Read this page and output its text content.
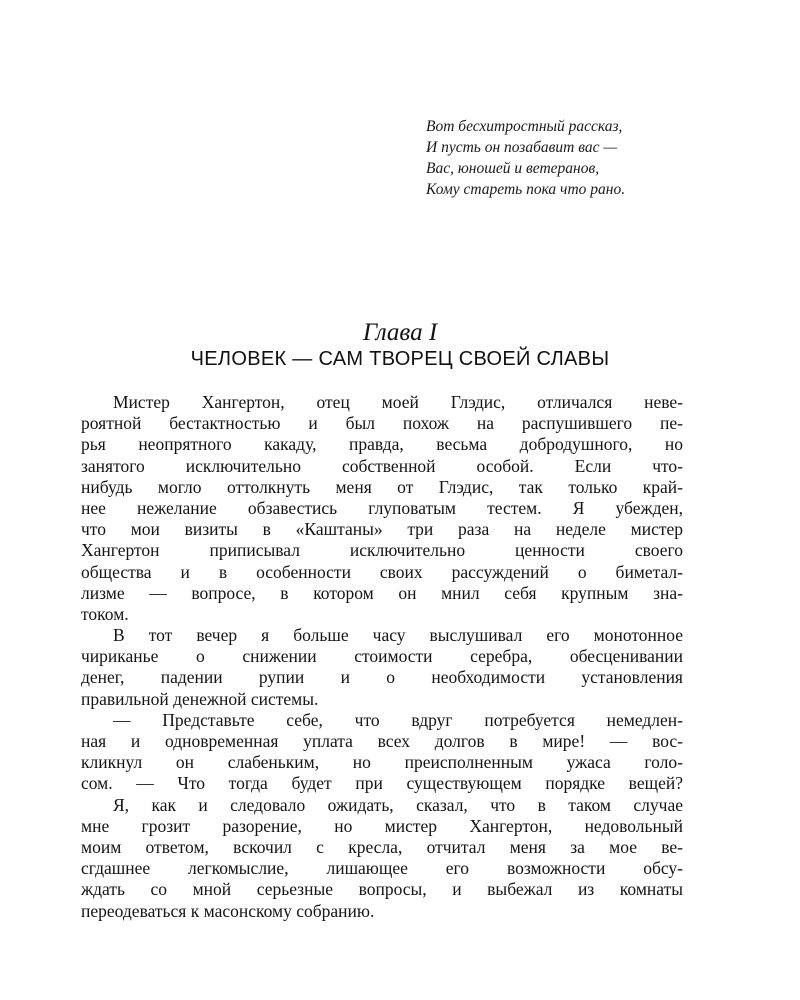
Вот бесхитростный рассказ,
И пусть он позабавит вас —
Вас, юношей и ветеранов,
Кому стареть пока что рано.
Глава I
ЧЕЛОВЕК — САМ ТВОРЕЦ СВОЕЙ СЛАВЫ
Мистер Хангертон, отец моей Глэдис, отличался неве-
роятной бестактностью и был похож на распушившего пе-
рья неопрятного какаду, правда, весьма добродушного, но
занятого исключительно собственной особой. Если что-
нибудь могло оттолкнуть меня от Глэдис, так только край-
нее нежелание обзавестись глуповатым тестем. Я убежден,
что мои визиты в «Каштаны» три раза на неделе мистер
Хангертон приписывал исключительно ценности своего
общества и в особенности своих рассуждений о биметал-
лизме — вопросе, в котором он мнил себя крупным зна-
током.
В тот вечер я больше часу выслушивал его монотонное
чириканье о снижении стоимости серебра, обесценивании
денег, падении рупии и о необходимости установления
правильной денежной системы.
— Представьте себе, что вдруг потребуется немедлен-
ная и одновременная уплата всех долгов в мире! — вос-
кликнул он слабеньким, но преисполненным ужаса голо-
сом. — Что тогда будет при существующем порядке вещей?
Я, как и следовало ожидать, сказал, что в таком случае
мне грозит разорение, но мистер Хангертон, недовольный
моим ответом, вскочил с кресла, отчитал меня за мое ве-
сгдашнее легкомыслие, лишающее его возможности обсу-
ждать со мной серьезные вопросы, и выбежал из комнаты
переодеваться к масонскому собранию.
